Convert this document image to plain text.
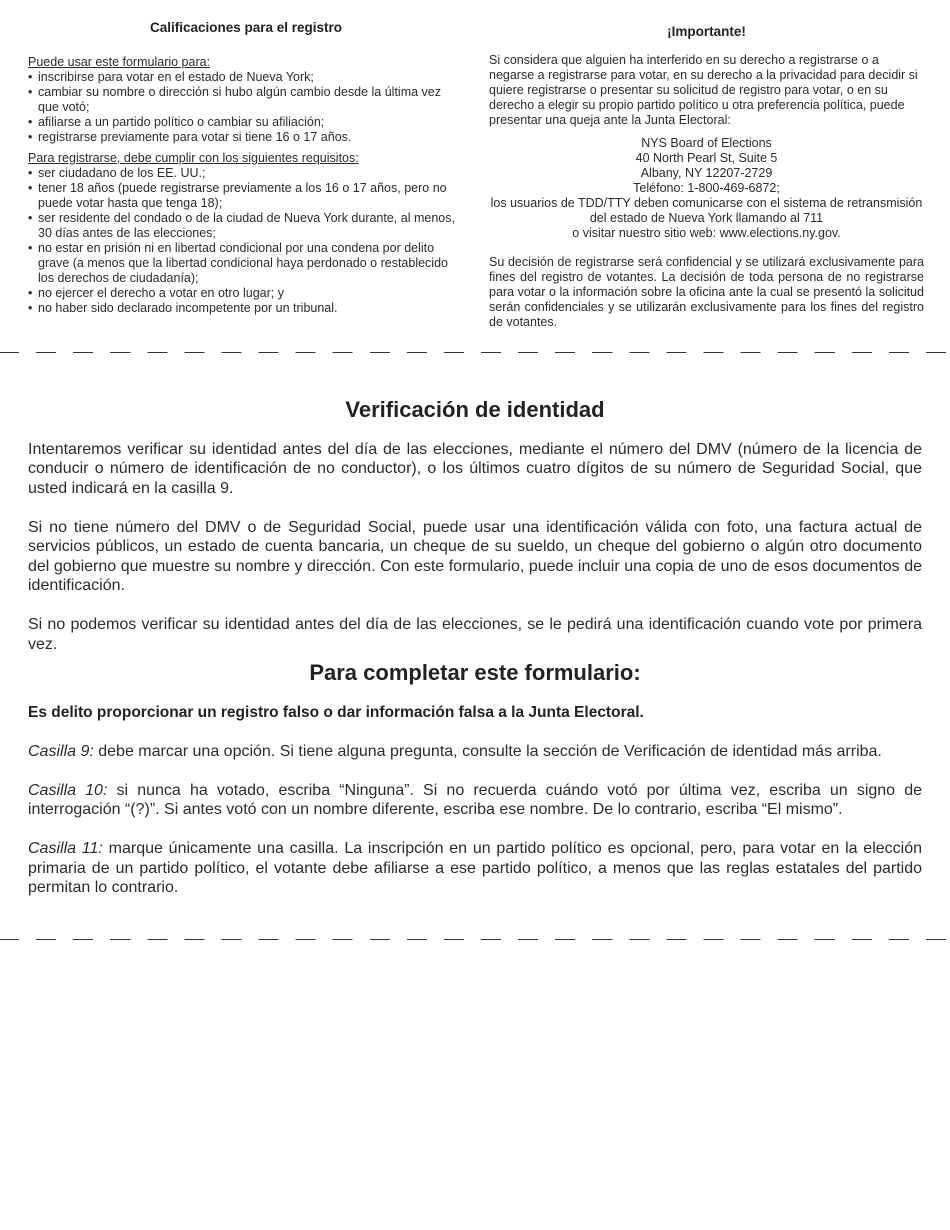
Calificaciones para el registro

Puede usar este formulario para:

• inscribirse para votar en el estado de Nueva York;
• cambiar su nombre o dirección si hubo algún cambio desde la última vez que votó;
• afiliarse a un partido político o cambiar su afiliación;
• registrarse previamente para votar si tiene 16 o 17 años.

Para registrarse, debe cumplir con los siguientes requisitos:

• ser ciudadano de los EE. UU.;
• tener 18 años (puede registrarse previamente a los 16 o 17 años, pero no puede votar hasta que tenga 18);
• ser residente del condado o de la ciudad de Nueva York durante, al menos, 30 días antes de las elecciones;
• no estar en prisión ni en libertad condicional por una condena por delito grave (a menos que la libertad condicional haya perdonado o restablecido los derechos de ciudadanía);
• no ejercer el derecho a votar en otro lugar; y
• no haber sido declarado incompetente por un tribunal.
¡Importante!

Si considera que alguien ha interferido en su derecho a registrarse o a negarse a registrarse para votar, en su derecho a la privacidad para decidir si quiere registrarse o presentar su solicitud de registro para votar, o en su derecho a elegir su propio partido político u otra preferencia política, puede presentar una queja ante la Junta Electoral:

NYS Board of Elections
40 North Pearl St, Suite 5
Albany, NY 12207-2729
Teléfono: 1-800-469-6872;
los usuarios de TDD/TTY deben comunicarse con el sistema de retransmisión del estado de Nueva York llamando al 711
o visitar nuestro sitio web: www.elections.ny.gov.

Su decisión de registrarse será confidencial y se utilizará exclusivamente para fines del registro de votantes. La decisión de toda persona de no registrarse para votar o la información sobre la oficina ante la cual se presentó la solicitud serán confidenciales y se utilizarán exclusivamente para los fines del registro de votantes.

Verificación de identidad

Intentaremos verificar su identidad antes del día de las elecciones, mediante el número del DMV (número de la licencia de conducir o número de identificación de no conductor), o los últimos cuatro dígitos de su número de Seguridad Social, que usted indicará en la casilla 9.

Si no tiene número del DMV o de Seguridad Social, puede usar una identificación válida con foto, una factura actual de servicios públicos, un estado de cuenta bancaria, un cheque de su sueldo, un cheque del gobierno o algún otro documento del gobierno que muestre su nombre y dirección. Con este formulario, puede incluir una copia de uno de esos documentos de identificación.

Si no podemos verificar su identidad antes del día de las elecciones, se le pedirá una identificación cuando vote por primera vez.

Para completar este formulario:

Es delito proporcionar un registro falso o dar información falsa a la Junta Electoral.

Casilla 9: debe marcar una opción. Si tiene alguna pregunta, consulte la sección de Verificación de identidad más arriba.

Casilla 10: si nunca ha votado, escriba “Ninguna”. Si no recuerda cuándo votó por última vez, escriba un signo de interrogación “(?)”. Si antes votó con un nombre diferente, escriba ese nombre. De lo contrario, escriba “El mismo”.

Casilla 11: marque únicamente una casilla. La inscripción en un partido político es opcional, pero, para votar en la elección primaria de un partido político, el votante debe afiliarse a ese partido político, a menos que las reglas estatales del partido permitan lo contrario.
